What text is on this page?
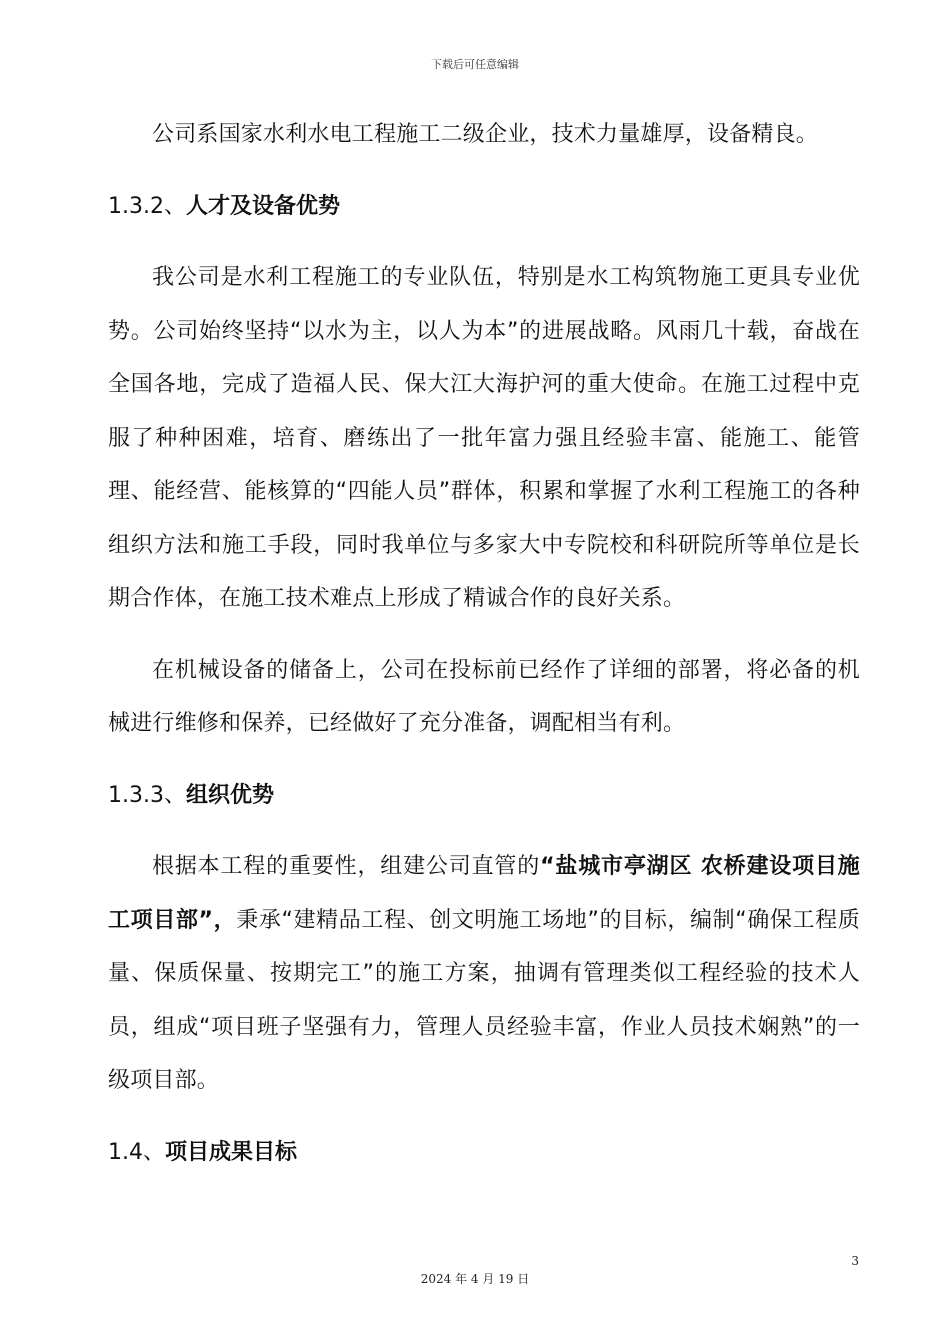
下载后可任意编辑

公司系国家水利水电工程施工二级企业，技术力量雄厚，设备精良。

1.3.2、人才及设备优势

我公司是水利工程施工的专业队伍，特别是水工构筑物施工更具专业优势。公司始终坚持“以水为主，以人为本”的进展战略。风雨几十载，奋战在全国各地，完成了造福人民、保大江大海护河的重大使命。在施工过程中克服了种种困难，培育、磨练出了一批年富力强且经验丰富、能施工、能管理、能经营、能核算的“四能人员”群体，积累和掌握了水利工程施工的各种组织方法和施工手段，同时我单位与多家大中专院校和科研院所等单位是长期合作体，在施工技术难点上形成了精诚合作的良好关系。

在机械设备的储备上，公司在投标前已经作了详细的部署，将必备的机械进行维修和保养，已经做好了充分准备，调配相当有利。

1.3.3、组织优势

根据本工程的重要性，组建公司直管的“盐城市亭湖区 农桥建设项目施工项目部”，秉承“建精品工程、创文明施工场地”的目标，编制“确保工程质量、保质保量、按期完工”的施工方案，抽调有管理类似工程经验的技术人员，组成“项目班子坚强有力，管理人员经验丰富，作业人员技术娴熟”的一级项目部。

1.4、项目成果目标
3
2024 年 4 月 19 日
